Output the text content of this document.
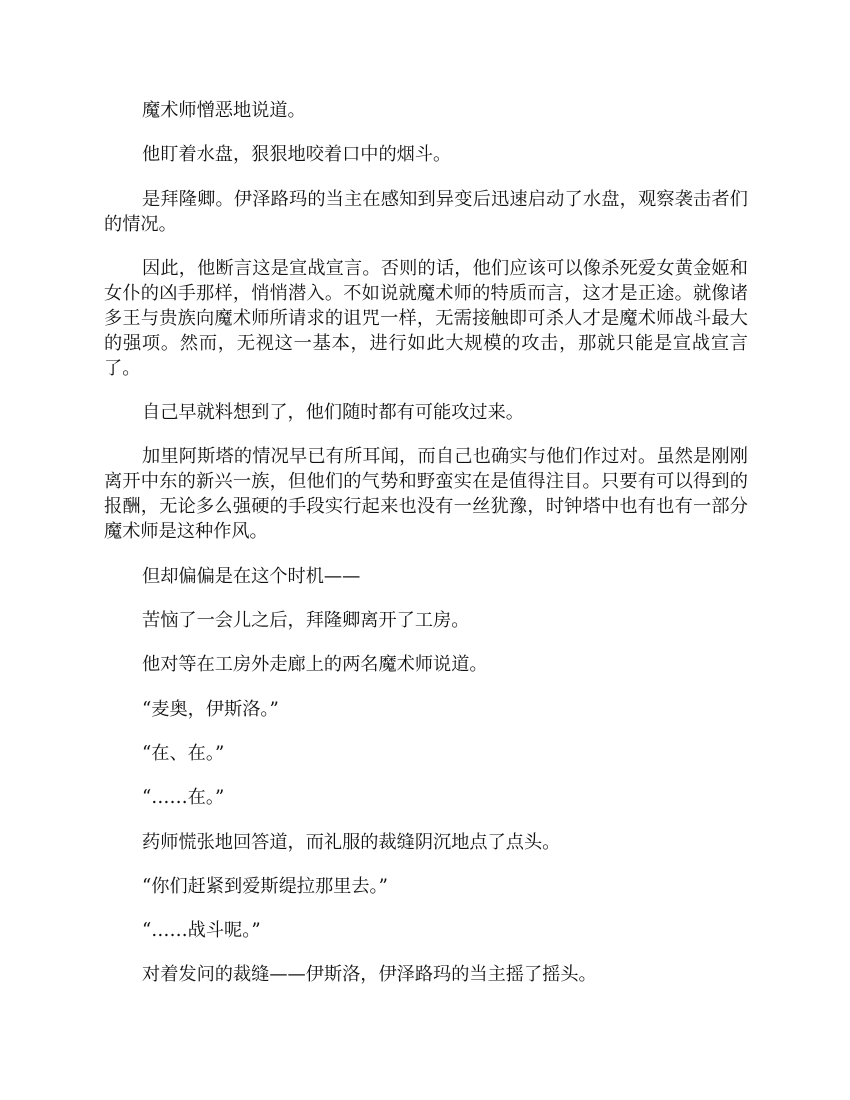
魔术师憎恶地说道。

他盯着水盘，狠狠地咬着口中的烟斗。

是拜隆卿。伊泽路玛的当主在感知到异变后迅速启动了水盘，观察袭击者们的情况。

因此，他断言这是宣战宣言。否则的话，他们应该可以像杀死爱女黄金姬和女仆的凶手那样，悄悄潜入。不如说就魔术师的特质而言，这才是正途。就像诸多王与贵族向魔术师所请求的诅咒一样，无需接触即可杀人才是魔术师战斗最大的强项。然而，无视这一基本，进行如此大规模的攻击，那就只能是宣战宣言了。

自己早就料想到了，他们随时都有可能攻过来。

加里阿斯塔的情况早已有所耳闻，而自己也确实与他们作过对。虽然是刚刚离开中东的新兴一族，但他们的气势和野蛮实在是值得注目。只要有可以得到的报酬，无论多么强硬的手段实行起来也没有一丝犹豫，时钟塔中也有也有一部分魔术师是这种作风。

但却偏偏是在这个时机——

苦恼了一会儿之后，拜隆卿离开了工房。

他对等在工房外走廊上的两名魔术师说道。

“麦奥，伊斯洛。”

“在、在。”

“……在。”

药师慌张地回答道，而礼服的裁缝阴沉地点了点头。

“你们赶紧到爱斯缇拉那里去。”

“……战斗呢。”

对着发问的裁缝——伊斯洛，伊泽路玛的当主摇了摇头。
